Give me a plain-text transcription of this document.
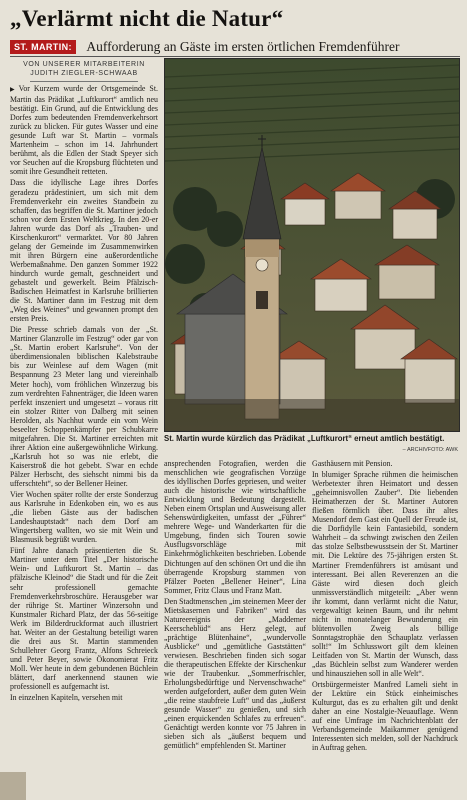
„Verlärmt nicht die Natur“
ST. MARTIN: Aufforderung an Gäste im ersten örtlichen Fremdenführer
VON UNSERER MITARBEITERIN
JUDITH ZIEGLER-SCHWAAB

▶ Vor Kurzem wurde der Ortsgemeinde St. Martin das Prädikat „Luftkurort“ amtlich neu bestätigt. Ein Grund, auf die Entwicklung des Dorfes zum bedeutenden Fremdenverkehrsort zurück zu blicken. Für gutes Wasser und eine gesunde Luft war St. Martin – vormals Martenheim – schon im 14. Jahrhundert berühmt, als die Edlen der Stadt Speyer sich vor Seuchen auf die Kropsburg flüchteten und somit ihre Gesundheit retteten.

Dass die idyllische Lage ihres Dorfes geradezu prädestiniert, um sich mit dem Fremdenverkehr ein zweites Standbein zu schaffen, das begriffen die St. Martiner jedoch schon vor dem Ersten Weltkrieg. In den 20-er Jahren wurde das Dorf als „Trauben- und Kirschenkurort“ vermarktet. Vor 80 Jahren gelang der Gemeinde im Zusammenwirken mit ihren Bürgern eine außerordentliche Werbemaßnahme. Den ganzen Sommer 1922 hindurch wurde gemalt, geschneidert und gebastelt und gewerkelt. Beim Pfälzisch-Badischen Heimatfest in Karlsruhe brillierten die St. Martiner dann im Festzug mit dem „Weg des Weines“ und gewannen prompt den ersten Preis.

Die Presse schrieb damals von der „St. Martiner Glanzrolle im Festzug“ oder gar von „St. Martin erobert Karlsruhe“. Von der überdimensionalen biblischen Kalebstraube bis zur Weinlese auf dem Wagen (mit Bespannung 23 Meter lang und viereinhalb Meter hoch), vom fröhlichen Winzerzug bis zum verdrehten Fahnenträger, die Ideen waren perfekt inszeniert und umgesetzt – voraus ritt ein stolzer Ritter von Dalberg mit seinen Herolden, als Nachhut wurde ein vom Wein beseelter Schoppenkämpfer per Schubkarre mitgefahren. Die St. Martiner erreichten mit ihrer Aktion eine außergewöhnliche Wirkung. „Karlsruh hot so was nie erlebt, die Kaiserstroß die hot gebebt. S'war en echde Pälzer Herbscht, des siehscht nimmi bis da ufferschteht“, so der Bellener Heiner.

Vier Wochen später rollte der erste Sonderzug aus Karlsruhe in Edenkoben ein, wo es aus „die lieben Gäste aus der badischen Landeshauptstadt“ nach dem Dorf am Wingertsberg wallten, wo sie mit Wein und Blasmusik begrüßt wurden.

Fünf Jahre danach präsentierten die St. Martiner unter dem Titel „Der historische Wein- und Luftkurort St. Martin – das pfälzische Kleinod“ die Stadt und für die Zeit sehr professionell gemachte Fremdenverkehrsbroschüre. Herausgeber war der rührige St. Martiner Winzersohn und Kunstmaler Richard Platz, der das 56-seitige Werk im Bilderdruckformat auch illustriert hat. Weiter an der Gestaltung beteiligt waren die drei aus St. Martin stammenden Schullehrer Georg Frantz, Alfons Schreieck und Peter Beyer, sowie Ökonomierat Fritz Moll. Wer heute in dem gebundenen Büchlein blättert, darf anerkennend staunen wie professionell es aufgemacht ist.

In einzelnen Kapiteln, versehen mit

St. Martin wurde kürzlich das Prädikat „Luftkurort“ erneut amtlich bestätigt.
– ARCHIVFOTO: AWK

ansprechenden Fotografien, werden die menschlichen wie geografischen Vorzüge des idyllischen Dorfes gepriesen, und weiter auch die historische wie wirtschaftliche Entwicklung und Bedeutung dargestellt. Neben einem Ortsplan und Ausweisung aller Sehenswürdigkeiten, umfasst der „Führer“ mehrere Wege- und Wanderkarten für die Umgebung, finden sich Touren sowie Ausflugsvorschläge mit Einkehrmöglichkeiten beschrieben. Lobende Dichtungen auf den schönen Ort und die ihn überragende Kropsburg stammen von Pfälzer Poeten „Bellener Heiner“, Lina Sommer, Fritz Claus und Franz Matt.

Den Stadtmenschen „im steinernen Meer der Mietskasernen und Fabriken“ wird das Natureereignis der „Maddemer Keerscheblüd“ ans Herz gelegt, auf „prächtige Blütenhaine“, „wundervolle Ausblicke“ und „gemütliche Gaststätten“ verwiesen. Beschrieben finden sich sogar die therapeutischen Effekte der Kirschenkur wie der Traubenkur. „Sommerfrischler, Erholungsbedürftige und Nervenschwache“ werden aufgefordert, außer dem guten Wein „die reine staubfreie Luft“ und das „äußerst gesunde Wasser“ zu genießen, und sich „einen erquickenden Schlafes zu erfreuen“. Genächtigt werden konnte vor 75 Jahren in sieben sich als „äußerst bequem und gemütlich“ empfehlenden St. Martiner

Gasthäusern mit Pension.

In blumiger Sprache rühmen die heimischen Werbetexter ihren Heimatort und dessen „geheimnisvollen Zauber“. Die liebenden Heimatherzen der St. Martiner Autoren fließen förmlich über. Dass ihr altes Musendorf dem Gast ein Quell der Freude ist, die Dorfidylle kein Fantasiebild, sondern Wahrheit – da schwingt zwischen den Zeilen das stolze Selbstbewusstsein der St. Martiner mit. Die Lektüre des 75-jährigen ersten St. Martiner Fremdenführers ist amüsant und interessant. Bei allen Reverenzen an die Gäste wird diesen doch gleich unmissverständlich mitgeteilt: „Aber wenn ihr kommt, dann verlärmt nicht die Natur, vergewaltigt keinen Baum, und ihr nehmt nicht in monatelanger Bewunderung ein blütenvollen Zweig als billige Sonntagstrophäe den Schauplatz verlassen sollt!“ Im Schlusswort gilt dem kleinen Leitfaden von St. Martin der Wunsch, dass „das Büchlein selbst zum Wanderer werden und hinausziehen soll in alle Welt“.

Ortsbürgermeister Manfred Lameli sieht in der Lektüre ein Stück einheimisches Kulturgut, das es zu erhalten gilt und denkt daher an eine Nostalgie-Neuauflage. Wenn auf eine Umfrage im Nachrichtenblatt der Verbandsgemeinde Maikammer genügend Interessenten sich melden, soll der Nachdruck in Auftrag gehen.
